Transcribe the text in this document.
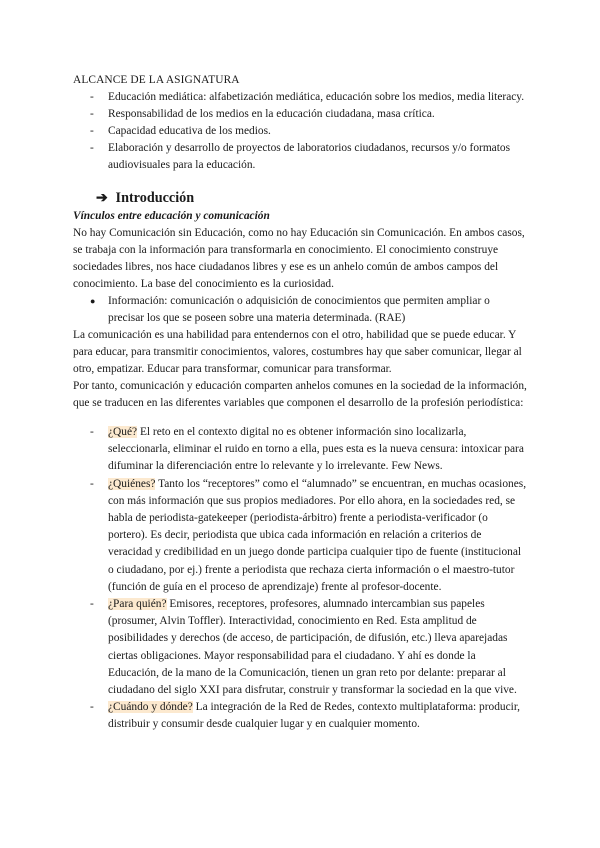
ALCANCE DE LA ASIGNATURA

- Educación mediática: alfabetización mediática, educación sobre los medios, media literacy.
- Responsabilidad de los medios en la educación ciudadana, masa crítica.
- Capacidad educativa de los medios.
- Elaboración y desarrollo de proyectos de laboratorios ciudadanos, recursos y/o formatos audiovisuales para la educación.
➔ Introducción
Vínculos entre educación y comunicación

No hay Comunicación sin Educación, como no hay Educación sin Comunicación. En ambos casos, se trabaja con la información para transformarla en conocimiento. El conocimiento construye sociedades libres, nos hace ciudadanos libres y ese es un anhelo común de ambos campos del conocimiento. La base del conocimiento es la curiosidad.

● Información: comunicación o adquisición de conocimientos que permiten ampliar o precisar los que se poseen sobre una materia determinada. (RAE)

La comunicación es una habilidad para entendernos con el otro, habilidad que se puede educar. Y para educar, para transmitir conocimientos, valores, costumbres hay que saber comunicar, llegar al otro, empatizar. Educar para transformar, comunicar para transformar.

Por tanto, comunicación y educación comparten anhelos comunes en la sociedad de la información, que se traducen en las diferentes variables que componen el desarrollo de la profesión periodística:

- ¿Qué? El reto en el contexto digital no es obtener información sino localizarla, seleccionarla, eliminar el ruido en torno a ella, pues esta es la nueva censura: intoxicar para difuminar la diferenciación entre lo relevante y lo irrelevante. Few News.
- ¿Quiénes? Tanto los “receptores” como el “alumnado” se encuentran, en muchas ocasiones, con más información que sus propios mediadores. Por ello ahora, en la sociedades red, se habla de periodista-gatekeeper (periodista-árbitro) frente a periodista-verificador (o portero). Es decir, periodista que ubica cada información en relación a criterios de veracidad y credibilidad en un juego donde participa cualquier tipo de fuente (institucional o ciudadano, por ej.) frente a periodista que rechaza cierta información o el maestro-tutor (función de guía en el proceso de aprendizaje) frente al profesor-docente.
- ¿Para quién? Emisores, receptores, profesores, alumnado intercambian sus papeles (prosumer, Alvin Toffler). Interactividad, conocimiento en Red. Esta amplitud de posibilidades y derechos (de acceso, de participación, de difusión, etc.) lleva aparejadas ciertas obligaciones. Mayor responsabilidad para el ciudadano. Y ahí es donde la Educación, de la mano de la Comunicación, tienen un gran reto por delante: preparar al ciudadano del siglo XXI para disfrutar, construir y transformar la sociedad en la que vive.
- ¿Cuándo y dónde? La integración de la Red de Redes, contexto multiplataforma: producir, distribuir y consumir desde cualquier lugar y en cualquier momento.
